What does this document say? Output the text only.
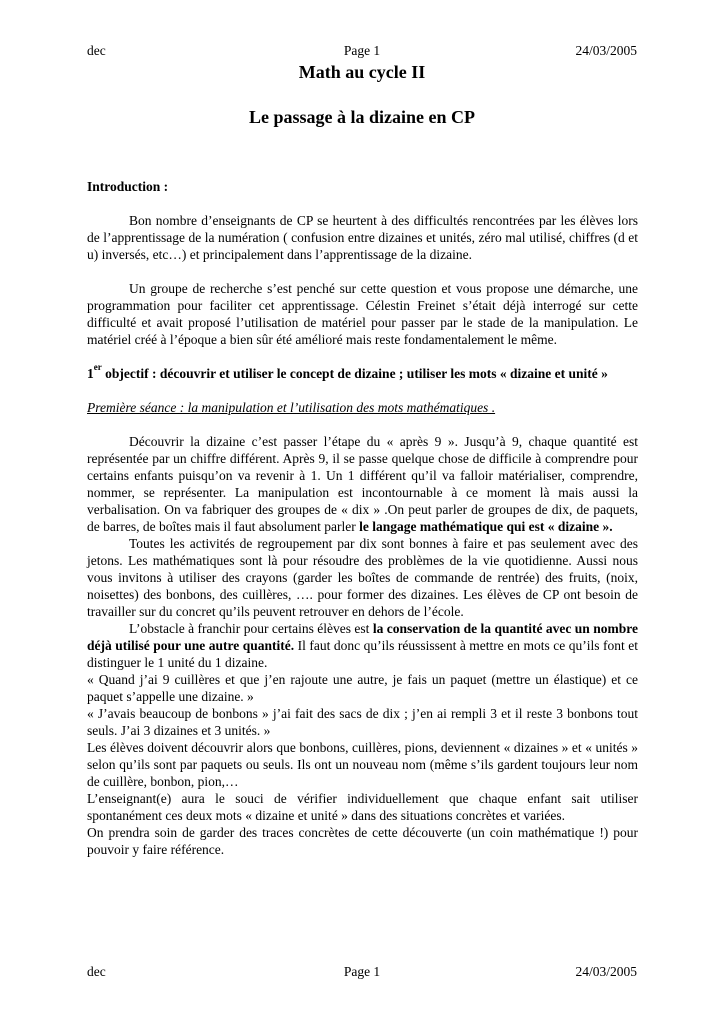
dec	Page 1	24/03/2005
Math au cycle II
Le passage à la dizaine en CP

Introduction :

Bon nombre d’enseignants de CP se heurtent à des difficultés rencontrées par les élèves lors de l’apprentissage de la numération ( confusion entre dizaines et unités, zéro mal utilisé, chiffres (d et u) inversés, etc…) et principalement dans l’apprentissage de la dizaine.

Un groupe de recherche s’est penché sur cette question et vous propose une démarche, une programmation pour faciliter cet apprentissage. Célestin Freinet s’était déjà interrogé sur cette difficulté et avait proposé l’utilisation de matériel pour passer par le stade de la manipulation. Le matériel créé à l’époque a bien sûr été amélioré mais reste fondamentalement le même.

1er objectif : découvrir et utiliser le concept de dizaine ; utiliser les mots « dizaine et unité »

Première séance : la manipulation et l’utilisation des mots mathématiques .

Découvrir la dizaine c’est passer l’étape du « après 9 ». Jusqu’à 9, chaque quantité est représentée par un chiffre différent. Après 9, il se passe quelque chose de difficile à comprendre pour certains enfants puisqu’on va revenir à 1. Un 1 différent qu’il va falloir matérialiser, comprendre, nommer, se représenter. La manipulation est incontournable à ce moment là mais aussi la verbalisation. On va fabriquer des groupes de « dix » .On peut parler de groupes de dix, de paquets, de barres, de boîtes mais il faut absolument parler le langage mathématique qui est « dizaine ».

Toutes les activités de regroupement par dix sont bonnes à faire et pas seulement avec des jetons. Les mathématiques sont là pour résoudre des problèmes de la vie quotidienne. Aussi nous vous invitons à utiliser des crayons (garder les boîtes de commande de rentrée) des fruits, (noix, noisettes) des bonbons, des cuillères, …. pour former des dizaines. Les élèves de CP ont besoin de travailler sur du concret qu’ils peuvent retrouver en dehors de l’école.

L’obstacle à franchir pour certains élèves est la conservation de la quantité avec un nombre déjà utilisé pour une autre quantité. Il faut donc qu’ils réussissent à mettre en mots ce qu’ils font et distinguer le 1 unité du 1 dizaine.

« Quand j’ai 9 cuillères et que j’en rajoute une autre, je fais un paquet (mettre un élastique) et ce paquet s’appelle une dizaine. »

« J’avais beaucoup de bonbons » j’ai fait des sacs de dix ; j’en ai rempli 3 et il reste 3 bonbons tout seuls. J’ai 3 dizaines et 3 unités. »

Les élèves doivent découvrir alors que bonbons, cuillères, pions, deviennent « dizaines » et « unités » selon qu’ils sont par paquets ou seuls. Ils ont un nouveau nom (même s’ils gardent toujours leur nom de cuillère, bonbon, pion,…

L’enseignant(e) aura le souci de vérifier individuellement que chaque enfant sait utiliser spontanément ces deux mots « dizaine et unité » dans des situations concrètes et variées.

On prendra soin de garder des traces concrètes de cette découverte (un coin mathématique !) pour pouvoir y faire référence.

dec	Page 1	24/03/2005
